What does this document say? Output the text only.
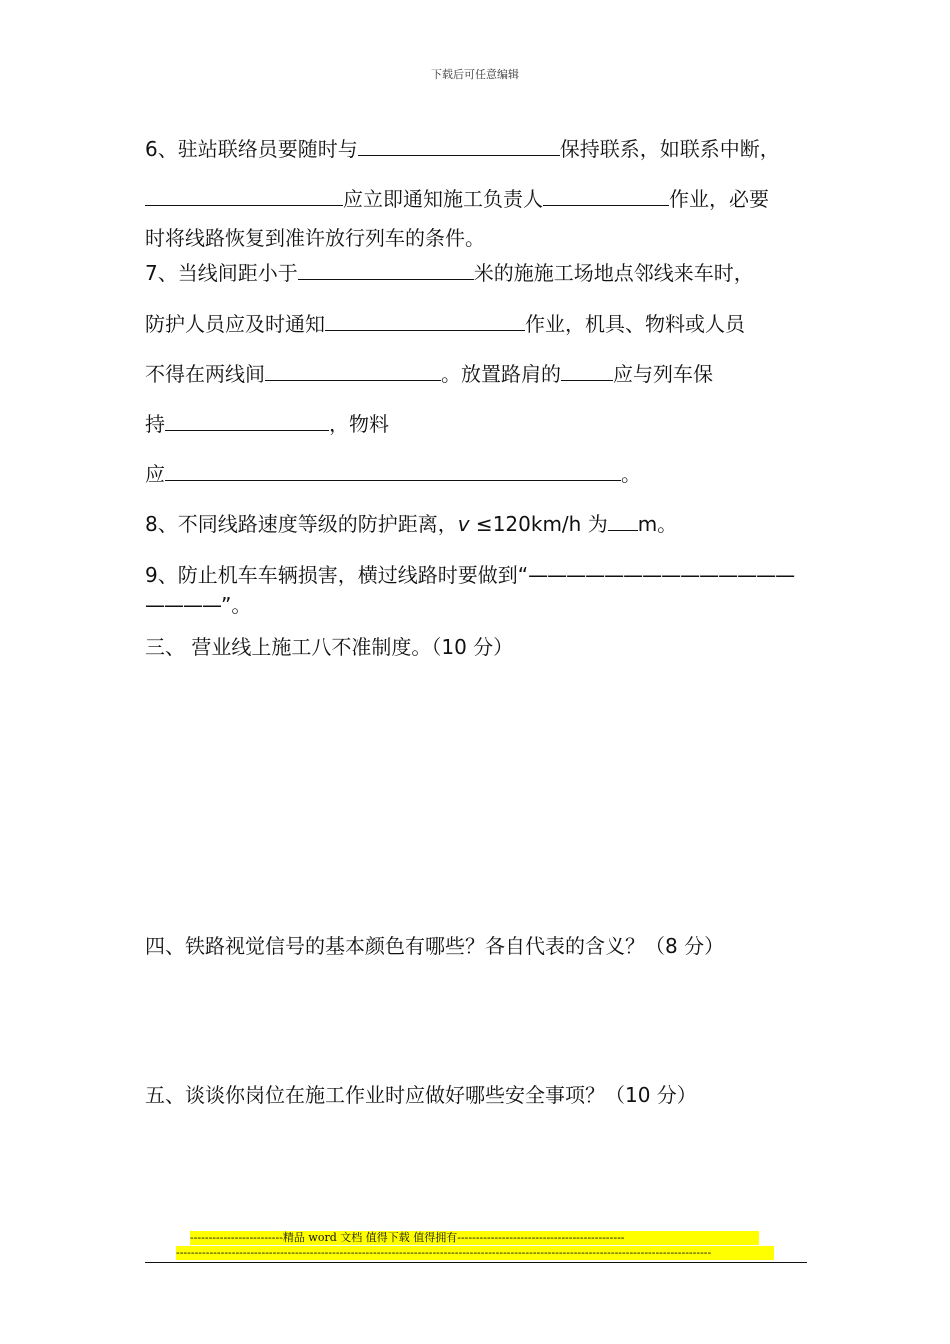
下载后可任意编辑
6、驻站联络员要随时与	保持联系，如联系中断，
应立即通知施工负责人	作业，必要
时将线路恢复到准许放行列车的条件。
7、当线间距小于	米的施施工场地点邻线来车时，
防护人员应及时通知	作业，机具、物料或人员
不得在两线间	。放置路肩的	应与列车保
持	，物料
应	。
8、不同线路速度等级的防护距离，v ≤120km/h 为 m。
9、防止机车车辆损害，横过线路时要做到“——————————————
————”。
三、 营业线上施工八不准制度。（10 分）
四、铁路视觉信号的基本颜色有哪些？各自代表的含义？（8 分）
五、谈谈你岗位在施工作业时应做好哪些安全事项？（10 分）
-------------------------精品 word 文档 值得下载 值得拥有---------------------------------------------
------------------------------------------------------------------------------------------------------------------------------------------------
